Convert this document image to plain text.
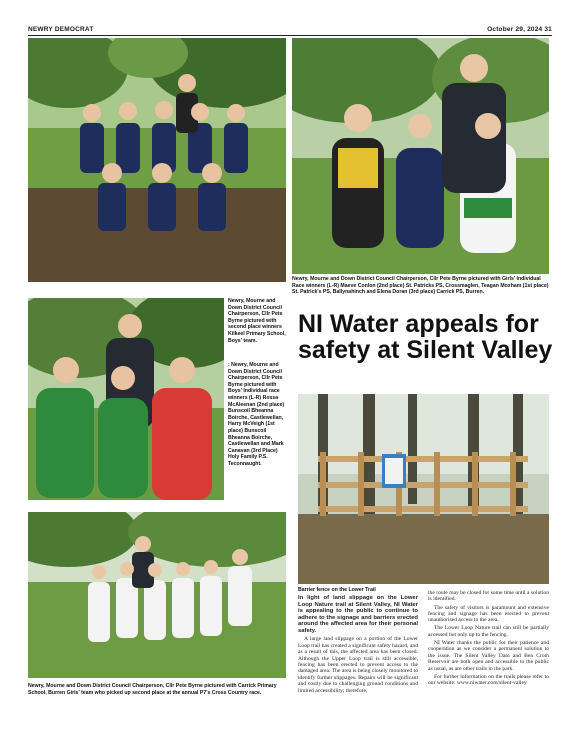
NEWRY DEMOCRAT	October 29, 2024 31
Newry, Mourne and Down District Council Chairperson, Cllr Pete Byrne pictured with Girls' Individual Race winners (L-R) Maeve Conlon (2nd place) St. Patricks PS, Crossmaglen, Teagan Moxham (1st place) St. Patrick's PS, Ballynahinch and Elena Doran (3rd place) Carrick PS, Burren.
Newry, Mourne and Down District Council Chairperson, Cllr Pete Byrne pictured with second place winners Kilkeel Primary School, Boys' team.
: Newry, Mourne and Down District Council Chairperson, Cllr Pete Byrne pictured with Boys' Individual race winners (L-R) Rossa McAleenan (2nd place) Bunscoil Bheanna Boirche, Castlewellan, Harry McVeigh (1st place) Bunscoil Bheanna Boirche, Castlewellan and Mark Canavan (3rd Place) Holy Family P.S. Teconnaught.
NI Water appeals for safety at Silent Valley
Barrier fence on the Lower Trail
Newry, Mourne and Down District Council Chairperson, Cllr Pete Byrne pictured with Carrick Primary School, Burren Girls' team who picked up second place at the annual P7's Cross Country race.

In light of land slippage on the Lower Loop Nature trail at Silent Valley, NI Water is appealing to the public to continue to adhere to the signage and barriers erected around the affected area for their personal safety.

A large land slippage on a portion of the Lower Loop trail has created a significant safety hazard, and as a result of this, the affected area has been closed. Although the Upper Loop trail is still accessible, fencing has been erected to prevent access to the damaged area. The area is being closely monitored to identify further slippages. Repairs will be significant and costly due to challenging ground conditions and limited accessibility; therefore,

the route may be closed for some time until a solution is identified.

The safety of visitors is paramount and extensive fencing and signage has been erected to prevent unauthorised access to the area.

The Lower Loop Nature trail can still be partially accessed but only up to the fencing.

NI Water thanks the public for their patience and cooperation as we consider a permanent solution to the issue. The Silent Valley Dam and Ben Crom Reservoir are both open and accessible to the public as usual, as are other trails in the park.

For further information on the trails please refer to our website: www.niwater.com/silent-valley
